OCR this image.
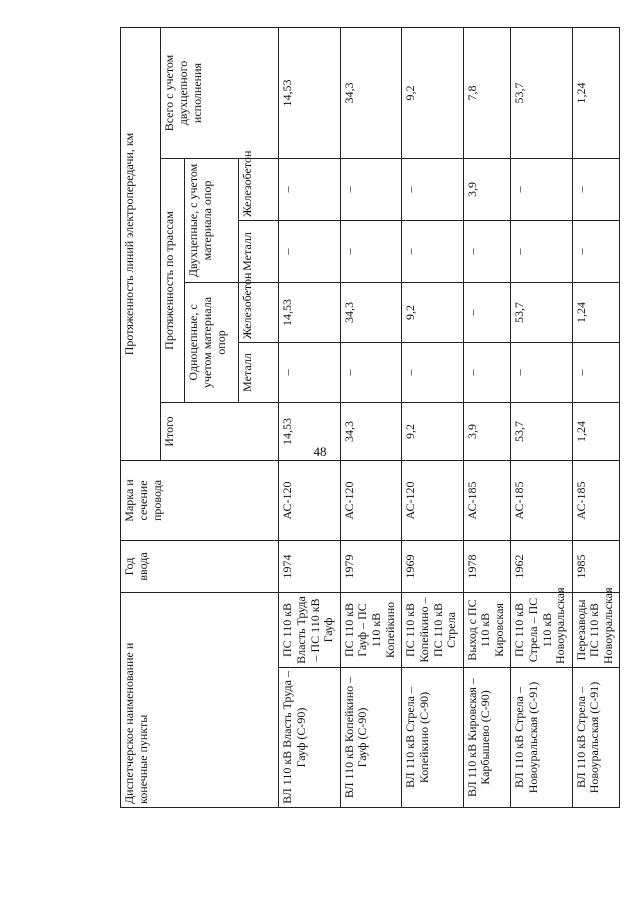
48
Диспетчерское наименование и конечные пункты		Год ввода	Марка и сечение провода	Протяженность линий электропередачи, км					
				Итого	Протяженность по трассам				Всего с учетом двухцепного исполнения
					Одноцепные, с учетом материала опор		Двухцепные, с учетом материала опор		
					Металл	Железобетон	Металл	Железобетон	
ВЛ 110 кВ Власть Труда – Гауф (С-90)	ПС 110 кВ Власть Труда – ПС 110 кВ Гауф	1974	АС-120	14,53	–	14,53	–	–	14,53
ВЛ 110 кВ Копейкино – Гауф (С-90)	ПС 110 кВ Гауф – ПС 110 кВ Копейкино	1979	АС-120	34,3	–	34,3	–	–	34,3
ВЛ 110 кВ Стрела – Копейкино (С-90)	ПС 110 кВ Копейкино – ПС 110 кВ Стрела	1969	АС-120	9,2	–	9,2	–	–	9,2
ВЛ 110 кВ Кировская – Карбышево (С-90)	Выход с ПС 110 кВ Кировская	1978	АС-185	3,9	–	–	–	3,9	7,8
ВЛ 110 кВ Стрела – Новоуральская (С-91)	ПС 110 кВ Стрела – ПС 110 кВ Новоуральская	1962	АС-185	53,7	–	53,7	–	–	53,7
ВЛ 110 кВ Стрела – Новоуральская (С-91)	Перезаводы ПС 110 кВ Новоуральская	1985	АС-185	1,24	–	1,24	–	–	1,24
